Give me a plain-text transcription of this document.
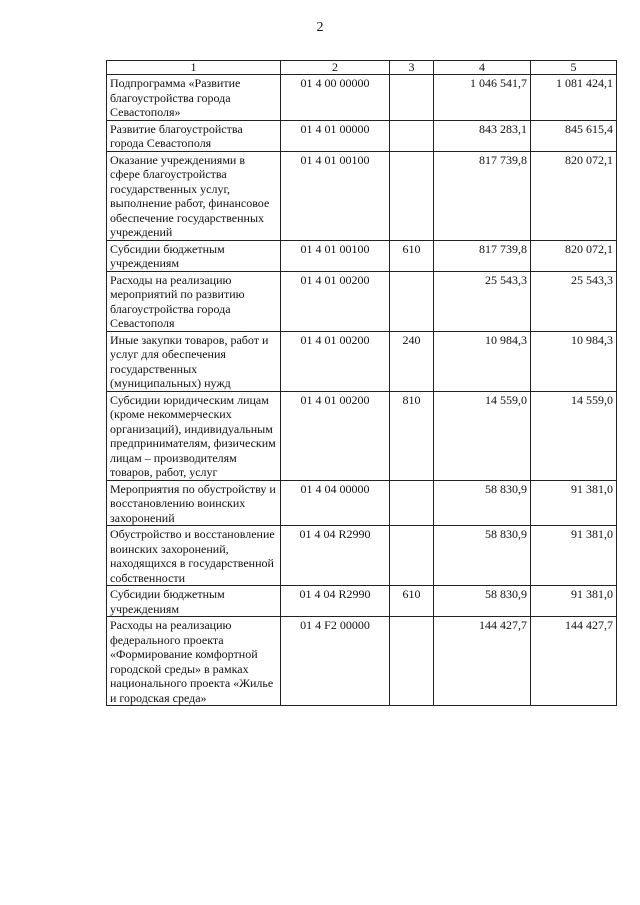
2
1	2	3	4	5
Подпрограмма «Развитие благоустройства города Севастополя»	01 4 00 00000		1 046 541,7	1 081 424,1
Развитие благоустройства города Севастополя	01 4 01 00000		843 283,1	845 615,4
Оказание учреждениями в сфере благоустройства государственных услуг, выполнение работ, финансовое обеспечение государственных учреждений	01 4 01 00100		817 739,8	820 072,1
Субсидии бюджетным учреждениям	01 4 01 00100	610	817 739,8	820 072,1
Расходы на реализацию мероприятий по развитию благоустройства города Севастополя	01 4 01 00200		25 543,3	25 543,3
Иные закупки товаров, работ и услуг для обеспечения государственных (муниципальных) нужд	01 4 01 00200	240	10 984,3	10 984,3
Субсидии юридическим лицам (кроме некоммерческих организаций), индивидуальным предпринимателям, физическим лицам – производителям товаров, работ, услуг	01 4 01 00200	810	14 559,0	14 559,0
Мероприятия по обустройству и восстановлению воинских захоронений	01 4 04 00000		58 830,9	91 381,0
Обустройство и восстановление воинских захоронений, находящихся в государственной собственности	01 4 04 R2990		58 830,9	91 381,0
Субсидии бюджетным учреждениям	01 4 04 R2990	610	58 830,9	91 381,0
Расходы на реализацию федерального проекта «Формирование комфортной городской среды» в рамках национального проекта «Жилье и городская среда»	01 4 F2 00000		144 427,7	144 427,7
